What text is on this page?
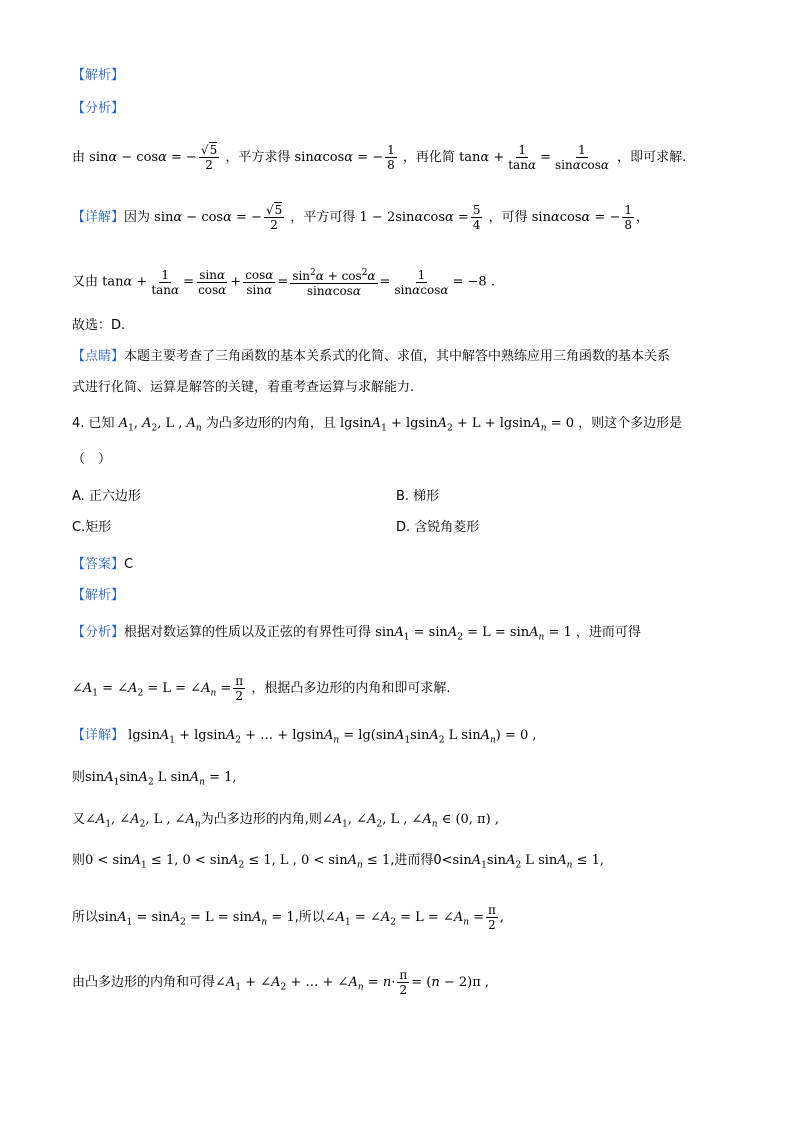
【解析】
【分析】
由 sinα − cosα = − $\frac{√5}{2}$ ，平方求得 sinαcosα = − $\frac{1}{8}$ ，再化简 $\tan\alpha + \frac{1}{\tan\alpha} = \frac{1}{\sin\alpha\cos\alpha}$ ，即可求解.
【详解】因为 sinα − cosα = − $\frac{√5}{2}$ ，平方可得 $1 - 2\sin\alpha\cos\alpha = \frac{5}{4}$ ，可得 sinαcosα = − $\frac{1}{8}$ ，
又由 $\tan\alpha + \frac{1}{\tan\alpha} = \frac{\sin\alpha}{\cos\alpha} + \frac{\cos\alpha}{\sin\alpha} = \frac{\sin^2\alpha + \cos^2\alpha}{\sin\alpha\cos\alpha} = \frac{1}{\sin\alpha\cos\alpha} = -8$ .
故选：D.
【点睛】本题主要考查了三角函数的基本关系式的化简、求值，其中解答中熟练应用三角函数的基本关系
式进行化简、运算是解答的关键，着重考查运算与求解能力.
4. 已知 $A_1$, $A_2$, L , $A_n$ 为凸多边形的内角，且 lgsinA$_1$ + lgsinA$_2$ + L + lgsinA$_n$ = 0 ，则这个多边形是
（　）
A. 正六边形	B. 梯形
C.矩形	D. 含锐角菱形
【答案】C
【解析】
【分析】根据对数运算的性质以及正弦的有界性可得 sinA$_1$ = sinA$_2$ = L = sinA$_n$ = 1 ，进而可得
$\angle A_1$ = $\angle A_2 = L$ = $\angle A_n = \frac{\pi}{2}$ ，根据凸多边形的内角和即可求解.
【详解】 lgsinA$_1$ + lgsinA$_2$ + … + lgsinA$_n$ = lg(sinA$_1$sinA$_2$ L sinA$_n$) = 0 ,
则sinA$_1$sinA$_2$ L sinA$_n$ = 1,
又$\angle A_1$, $\angle A_2$, L , $\angle A_n$为凸多边形的内角,则$\angle A_1$, $\angle A_2$, L , $\angle A_n$ ∈ (0, π) ,
则0 < sinA$_1$ ≤ 1, 0 < sinA$_2$ ≤ 1, L , 0 < sinA$_n$ ≤ 1,进而得0<sinA$_1$sinA$_2$ L sinA$_n$ ≤ 1,
所以sinA$_1$ = sinA$_2$ = L = sinA$_n$ = 1,所以$\angle A_1$ = $\angle A_2 = L$ = $\angle A_n = \frac{\pi}{2}$ ,
由凸多边形的内角和可得$\angle A_1$ + $\angle A_2$ + … + $\angle A_n = n\cdot \frac{\pi}{2} = (n - 2)\pi$ ,
